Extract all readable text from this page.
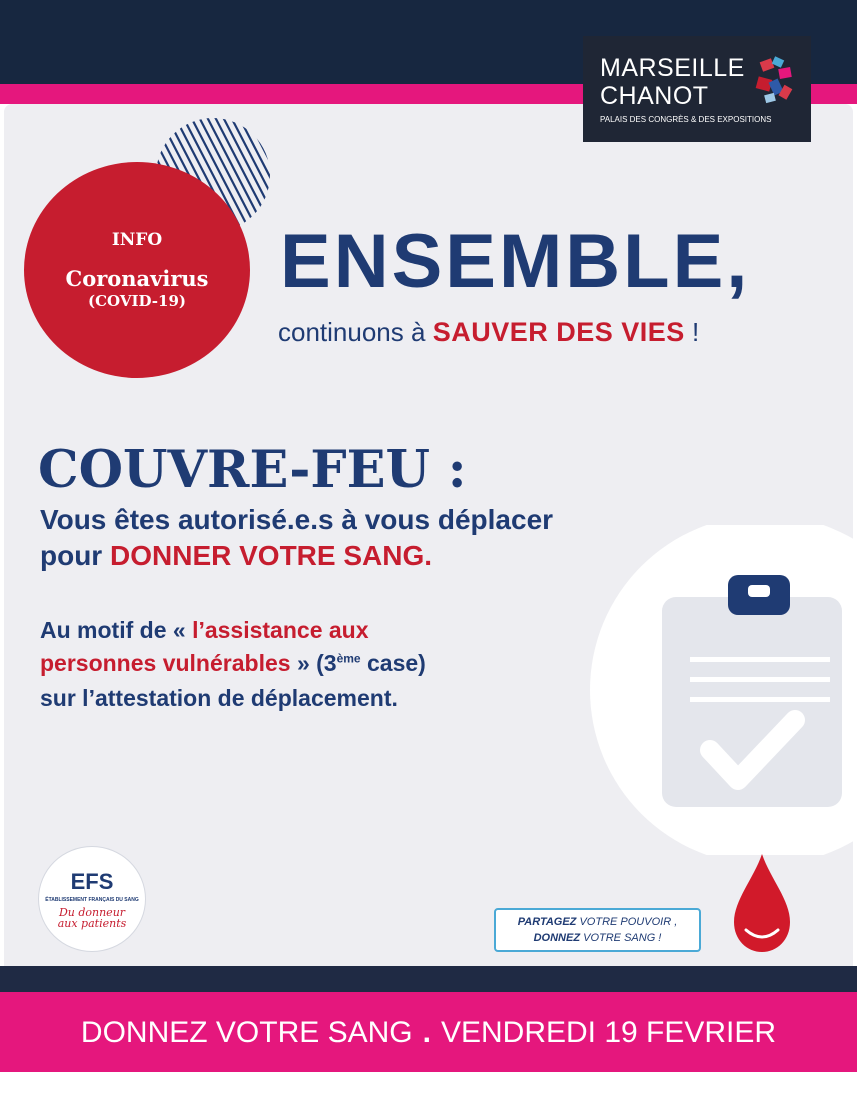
MARSEILLE
CHANOT
PALAIS DES CONGRÈS & DES EXPOSITIONS
INFO
Coronavirus
(COVID-19)	ENSEMBLE,
continuons à SAUVER DES VIES !
COUVRE-FEU :
Vous êtes autorisé.e.s à vous déplacer
pour DONNER VOTRE SANG.
Au motif de « l’assistance aux
personnes vulnérables » (3ème case)
sur l’attestation de déplacement.
EFS
ÉTABLISSEMENT FRANÇAIS DU SANG
Du donneur
aux patients	PARTAGEZ VOTRE POUVOIR ,
DONNEZ VOTRE SANG !
DONNEZ VOTRE SANG . VENDREDI 19 FEVRIER
